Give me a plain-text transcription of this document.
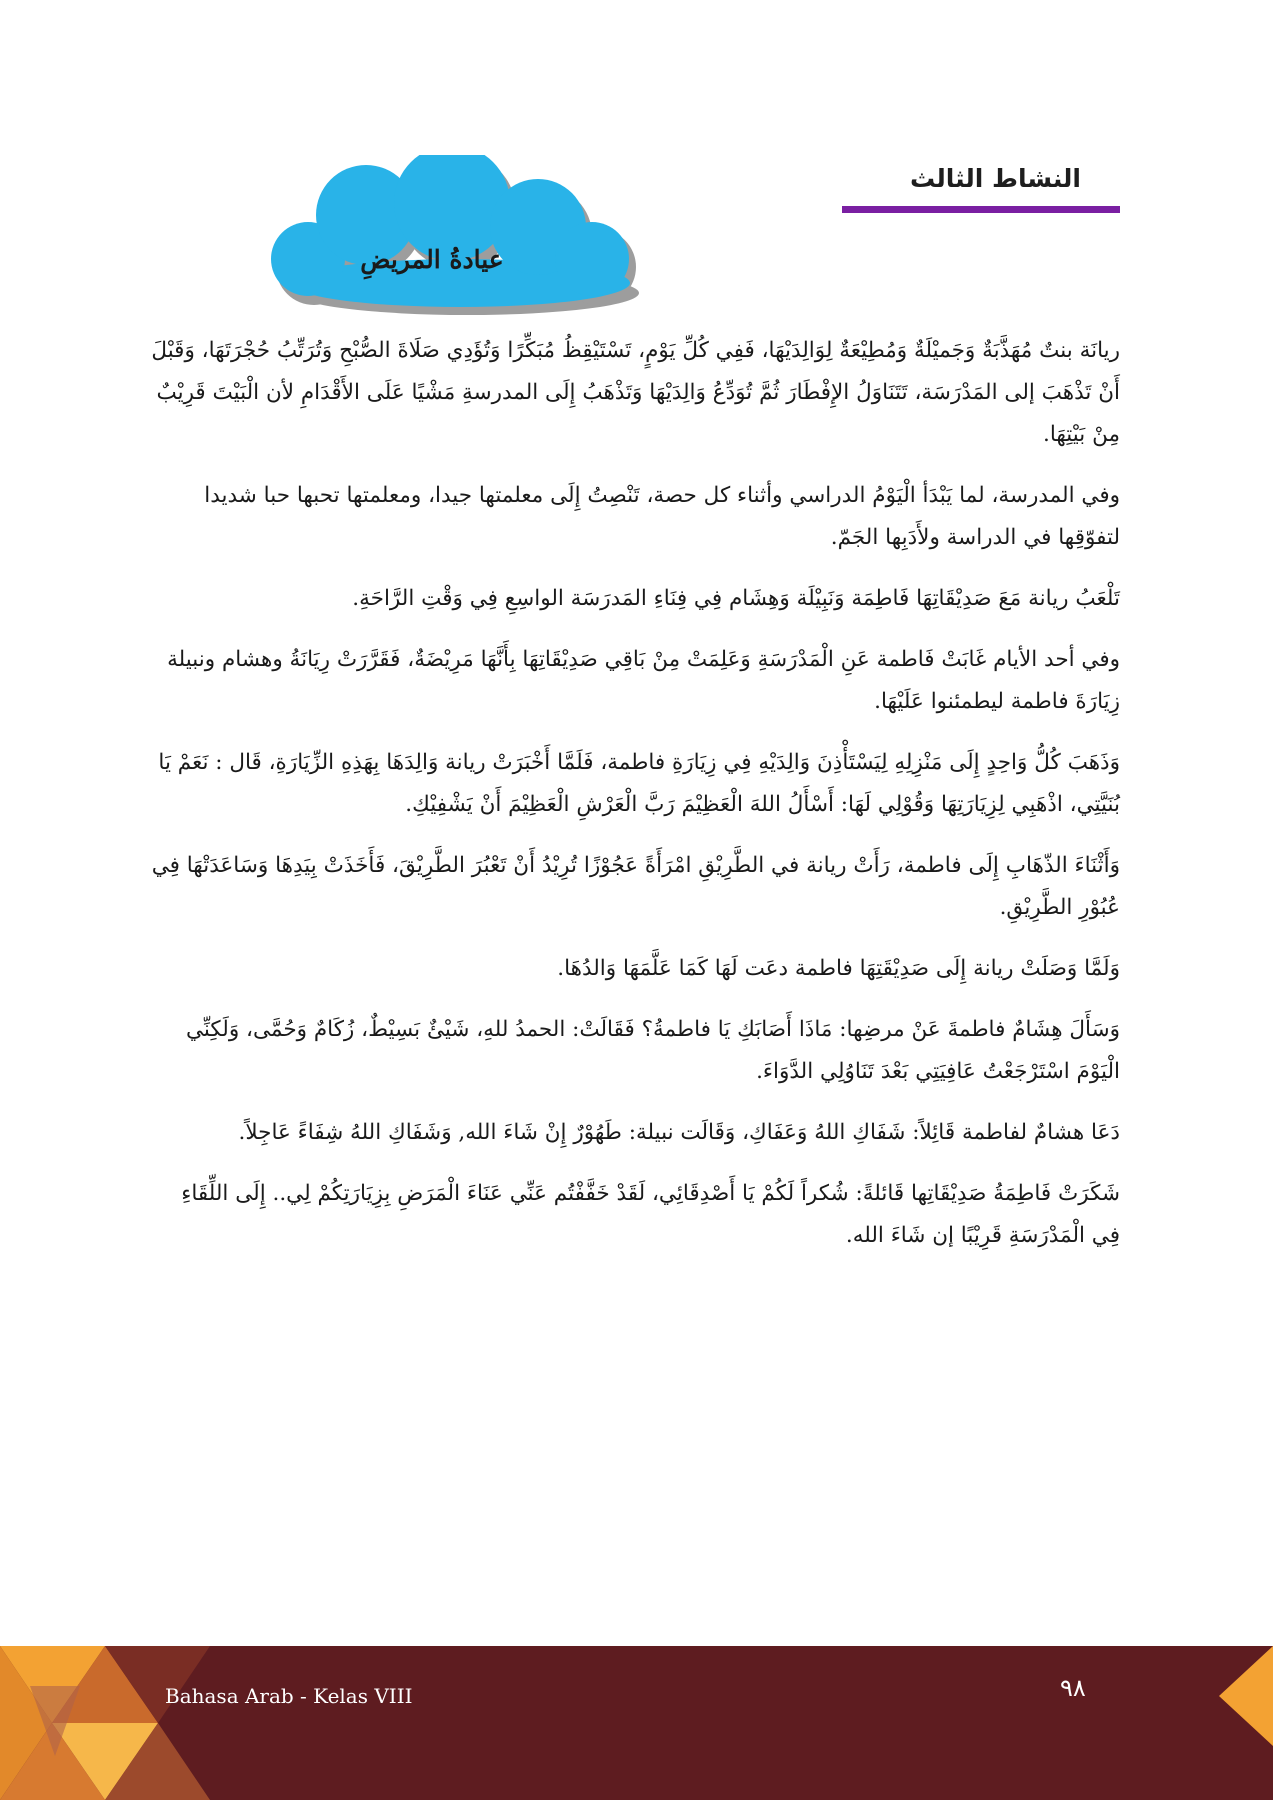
النشاط الثالث
عيادةُ المريضِ

ريانَة بنتٌ مُهَذَّبَةٌ وَجَميْلَةٌ وَمُطِيْعَةٌ لِوَالِدَيْهَا، فَفِي كُلِّ يَوْمٍ، تَسْتَيْقِظُ مُبَكِّرًا وَتُؤَدِي صَلَاةَ الصُّبْحِ وَتُرَتِّبُ حُجْرَتَهَا، وَقَبْلَ أَنْ تَذْهَبَ إلى المَدْرَسَة، تَتَنَاوَلُ الإِفْطَارَ ثُمَّ تُوَدِّعُ وَالِدَيْهَا وَتَذْهَبُ إِلَى المدرسةِ مَشْيًا عَلَى الأَقْدَامِ لأن الْبَيْتَ قَرِيْبٌ مِنْ بَيْتِهَا.

وفي المدرسة، لما يَبْدَأ الْيَوْمُ الدراسي وأثناء كل حصة، تَنْصِتُ إِلَى معلمتها جيدا، ومعلمتها تحبها حبا شديدا لتفوّقِها في الدراسة ولأَدَبِها الجَمّ.

تَلْعَبُ ريانة مَعَ صَدِيْقَاتِهَا فَاطِمَة وَنَبِيْلَة وَهِشَام فِي فِنَاءِ المَدرَسَة الواسِعِ فِي وَقْتِ الرَّاحَةِ.

وفي أحد الأيام غَابَتْ فَاطمة عَنِ الْمَدْرَسَةِ وَعَلِمَتْ مِنْ بَاقِي صَدِيْقَاتِهَا بِأَنَّهَا مَرِيْضَةٌ، فَقَرَّرَتْ رِيَانَةُ وهشام ونبيلة زِيَارَةَ فاطمة ليطمئنوا عَلَيْهَا.

وَذَهَبَ كُلُّ وَاحِدٍ إِلَى مَنْزِلِهِ لِيَسْتَأْذِنَ وَالِدَيْهِ فِي زِيَارَةِ فاطمة، فَلَمَّا أَخْبَرَتْ ريانة وَالِدَهَا بِهَذِهِ الزِّيَارَةِ، قَال : نَعَمْ يَا بُنَيَّتِي، اذْهَبِي لِزِيَارَتِهَا وَقُوْلِي لَهَا: أَسْأَلُ اللهَ الْعَظِيْمَ رَبَّ الْعَرْشِ الْعَظِيْمَ أَنْ يَشْفِيْكِ.

وَأَثْنَاءَ الذّهَابِ إِلَى فاطمة، رَأَتْ ريانة في الطَّرِيْقِ امْرَأَةً عَجُوْزًا تُرِيْدُ أَنْ تَعْبُرَ الطَّرِيْقَ، فَأَخَذَتْ بِيَدِهَا وَسَاعَدَتْهَا فِي عُبُوْرِ الطَّرِيْقِ.

وَلَمَّا وَصَلَتْ ريانة إِلَى صَدِيْقَتِهَا فاطمة دعَت لَهَا كَمَا عَلَّمَهَا وَالدُهَا.

وَسَأَلَ هِشَامٌ فاطمةَ عَنْ مرضِها: مَاذَا أَصَابَكِ يَا فاطمةُ؟ فَقَالَتْ: الحمدُ للهِ، شَيْئٌ بَسِيْطٌ، زُكَامٌ وَحُمَّى، وَلَكِنِّي الْيَوْمَ اسْتَرْجَعْتُ عَافِيَتِي بَعْدَ تَنَاوُلِي الدَّوَاءَ.

دَعَا هشامٌ لفاطمة قَائِلاً: شَفَاكِ اللهُ وَعَفَاكِ، وَقَالَت نبيلة: طَهُوْرٌ إِنْ شَاءَ الله, وَشَفَاكِ اللهُ شِفَاءً عَاجِلاً.

شَكَرَتْ فَاطِمَةُ صَدِيْقَاتِها قَائلةً: شُكراً لَكُمْ يَا أَصْدِقَائِي، لَقَدْ خَفَّفْتُم عَنِّي عَنَاءَ الْمَرَضِ بِزِيَارَتِكُمْ لِي.. إِلَى اللِّقَاءِ فِي الْمَدْرَسَةِ قَرِيْبًا إن شَاءَ الله.

Bahasa Arab - Kelas VIII	٩٨
